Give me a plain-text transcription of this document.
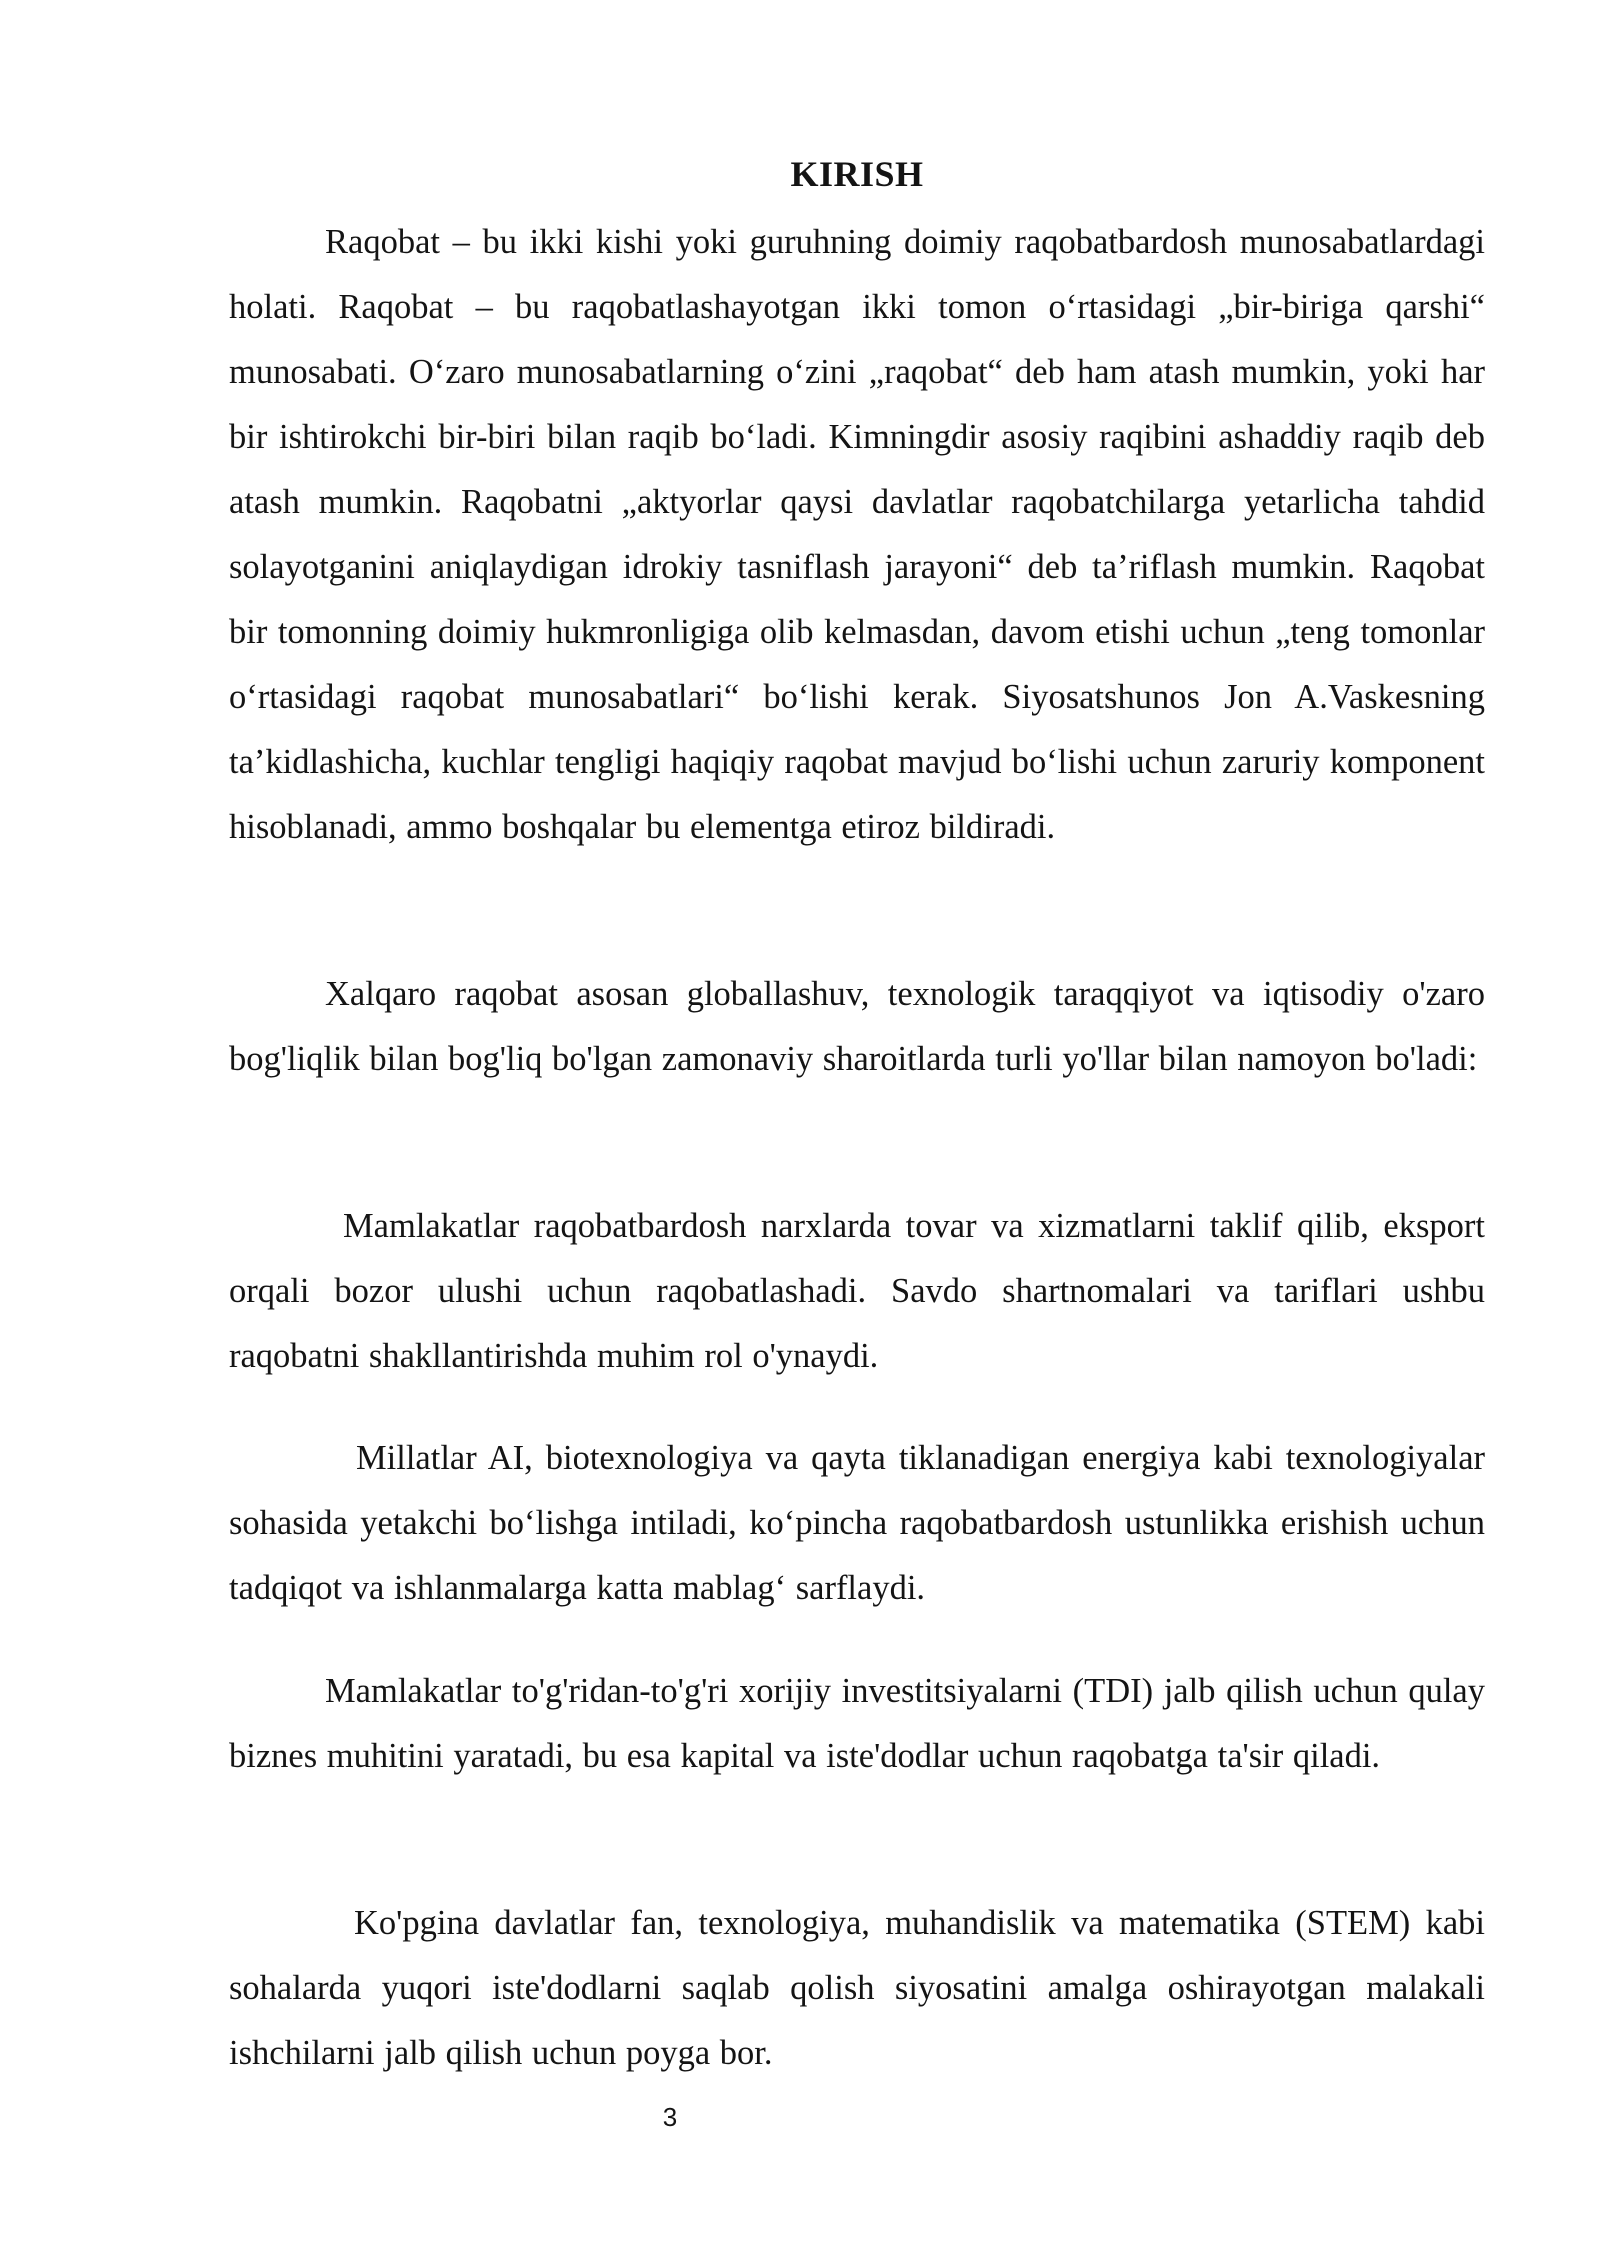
KIRISH

Raqobat – bu ikki kishi yoki guruhning doimiy raqobatbardosh munosabatlardagi holati. Raqobat – bu raqobatlashayotgan ikki tomon o‘rtasidagi „bir-biriga qarshi“ munosabati. O‘zaro munosabatlarning o‘zini „raqobat“ deb ham atash mumkin, yoki har bir ishtirokchi bir-biri bilan raqib bo‘ladi. Kimningdir asosiy raqibini ashaddiy raqib deb atash mumkin. Raqobatni „aktyorlar qaysi davlatlar raqobatchilarga yetarlicha tahdid solayotganini aniqlaydigan idrokiy tasniflash jarayoni“ deb ta’riflash mumkin. Raqobat bir tomonning doimiy hukmronligiga olib kelmasdan, davom etishi uchun „teng tomonlar o‘rtasidagi raqobat munosabatlari“ bo‘lishi kerak. Siyosatshunos Jon A.Vaskesning ta’kidlashicha, kuchlar tengligi haqiqiy raqobat mavjud bo‘lishi uchun zaruriy komponent hisoblanadi, ammo boshqalar bu elementga etiroz bildiradi.

Xalqaro raqobat asosan globallashuv, texnologik taraqqiyot va iqtisodiy o'zaro bog'liqlik bilan bog'liq bo'lgan zamonaviy sharoitlarda turli yo'llar bilan namoyon bo'ladi:

Mamlakatlar raqobatbardosh narxlarda tovar va xizmatlarni taklif qilib, eksport orqali bozor ulushi uchun raqobatlashadi. Savdo shartnomalari va tariflari ushbu raqobatni shakllantirishda muhim rol o'ynaydi.

Millatlar AI, biotexnologiya va qayta tiklanadigan energiya kabi texnologiyalar sohasida yetakchi bo‘lishga intiladi, ko‘pincha raqobatbardosh ustunlikka erishish uchun tadqiqot va ishlanmalarga katta mablag‘ sarflaydi.

Mamlakatlar to'g'ridan-to'g'ri xorijiy investitsiyalarni (TDI) jalb qilish uchun qulay biznes muhitini yaratadi, bu esa kapital va iste'dodlar uchun raqobatga ta'sir qiladi.

Ko'pgina davlatlar fan, texnologiya, muhandislik va matematika (STEM) kabi sohalarda yuqori iste'dodlarni saqlab qolish siyosatini amalga oshirayotgan malakali ishchilarni jalb qilish uchun poyga bor.

3
